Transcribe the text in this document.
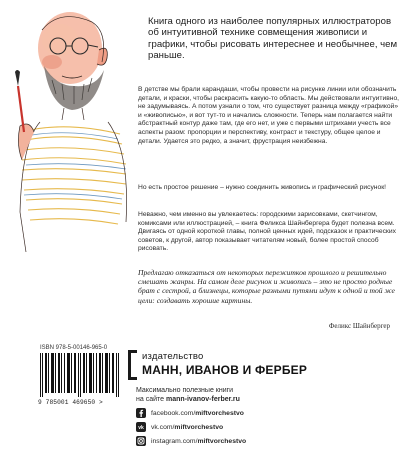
Книга одного из наиболее популярных иллюстраторов об интуитивной технике совмещения живописи и графики, чтобы рисовать интереснее и необычнее, чем раньше.
В детстве мы брали карандаши, чтобы провести на рисунке линии или обозначить детали, и краски, чтобы раскрасить какую-то область. Мы действовали интуитивно, не задумываясь. А потом узнали о том, что существует разница между «графикой» и «живописью», и вот тут-то и начались сложности. Теперь нам полагается найти абстрактный контур даже там, где его нет, и уже с первыми штрихами учесть все аспекты разом: пропорции и перспективу, контраст и текстуру, общее целое и детали. Удается это редко, а значит, фрустрация неизбежна.
Но есть простое решение – нужно соединить живопись и графический рисунок!
Неважно, чем именно вы увлекаетесь: городскими зарисовками, скетчингом, комиксами или иллюстрацией, – книга Феликса Шайнбергера будет полезна всем. Двигаясь от одной короткой главы, полной ценных идей, подсказок и практических советов, к другой, автор показывает читателям новый, более простой способ рисовать.
Предлагаю отказаться от некоторых пережитков прошлого и решительно смешать жанры. На самом деле рисунок и живопись – это не просто родные брат с сестрой, а близнецы, которые разными путями идут к одной и той же цели: создавать хорошие картины.
Феликс Шайнбергер
ISBN 978-5-00146-965-0
9 785001 469650 >
издательство
МАНН, ИВАНОВ И ФЕРБЕР
Максимально полезные книги
на сайте mann-ivanov-ferber.ru
facebook.com/ miftvorchestvo
vk vk.com/ miftvorchestvo
instagram.com/ miftvorchestvo
